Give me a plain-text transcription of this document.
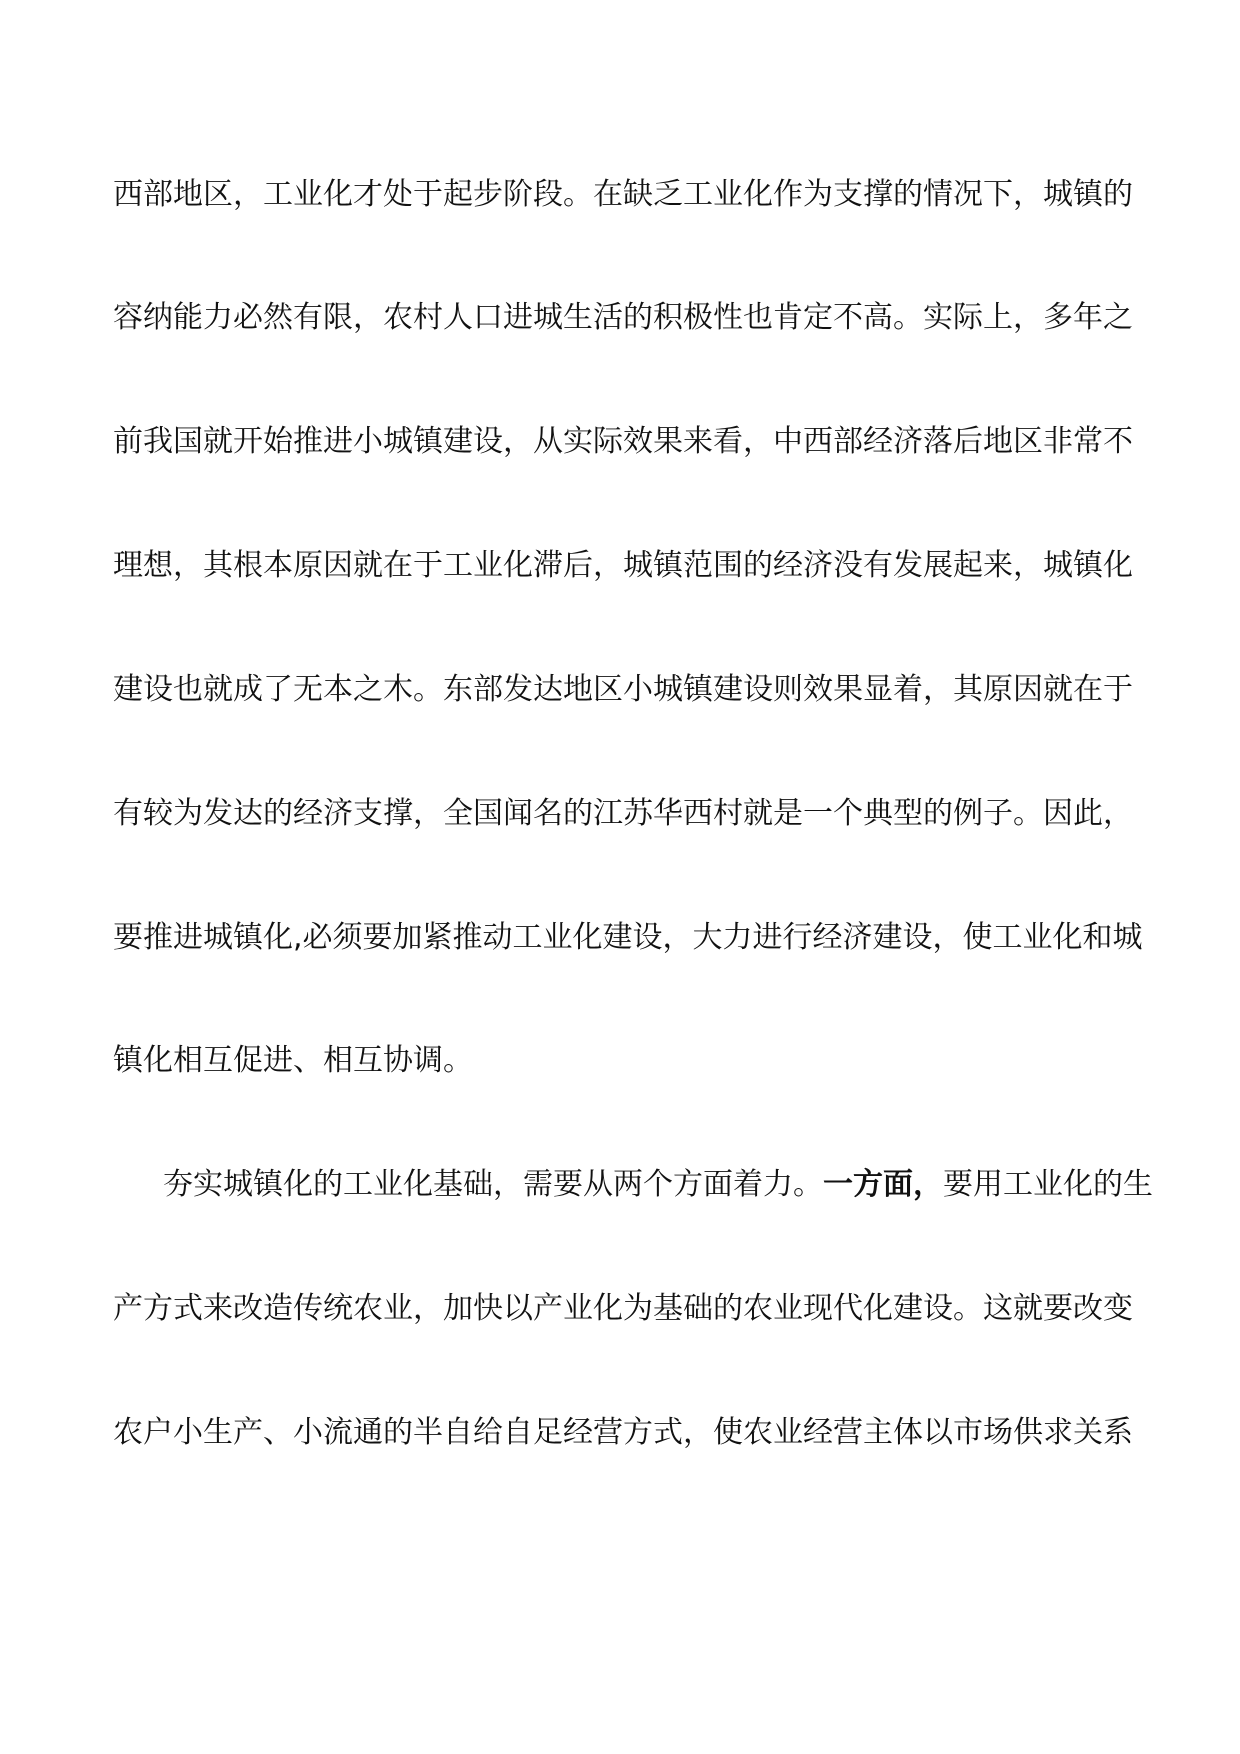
西部地区，工业化才处于起步阶段。在缺乏工业化作为支撑的情况下，城镇的
容纳能力必然有限，农村人口进城生活的积极性也肯定不高。实际上，多年之
前我国就开始推进小城镇建设，从实际效果来看，中西部经济落后地区非常不
理想，其根本原因就在于工业化滞后，城镇范围的经济没有发展起来，城镇化
建设也就成了无本之木。东部发达地区小城镇建设则效果显着，其原因就在于
有较为发达的经济支撑，全国闻名的江苏华西村就是一个典型的例子。因此，
要推进城镇化,必须要加紧推动工业化建设，大力进行经济建设，使工业化和城
镇化相互促进、相互协调。
夯实城镇化的工业化基础，需要从两个方面着力。一方面，要用工业化的生
产方式来改造传统农业，加快以产业化为基础的农业现代化建设。这就要改变
农户小生产、小流通的半自给自足经营方式，使农业经营主体以市场供求关系
